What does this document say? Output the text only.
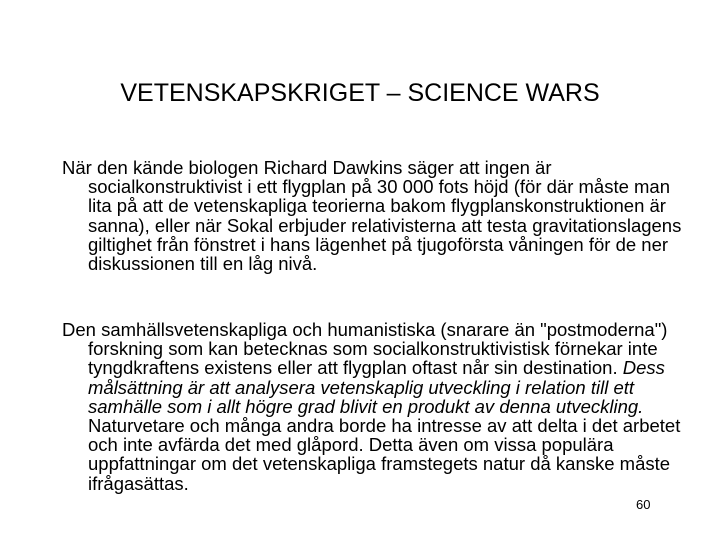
VETENSKAPSKRIGET – SCIENCE WARS

När den kände biologen Richard Dawkins säger att ingen är socialkonstruktivist i ett flygplan på 30 000 fots höjd (för där måste man lita på att de vetenskapliga teorierna bakom flygplanskonstruktionen är sanna), eller när Sokal erbjuder relativisterna att testa gravitationslagens giltighet från fönstret i hans lägenhet på tjugoförsta våningen för de ner diskussionen till en låg nivå.

Den samhällsvetenskapliga och humanistiska (snarare än "postmoderna") forskning som kan betecknas som socialkonstruktivistisk förnekar inte tyngdkraftens existens eller att flygplan oftast når sin destination. Dess målsättning är att analysera vetenskaplig utveckling i relation till ett samhälle som i allt högre grad blivit en produkt av denna utveckling. Naturvetare och många andra borde ha intresse av att delta i det arbetet och inte avfärda det med glåpord. Detta även om vissa populära uppfattningar om det vetenskapliga framstegets natur då kanske måste ifrågasättas.

60
